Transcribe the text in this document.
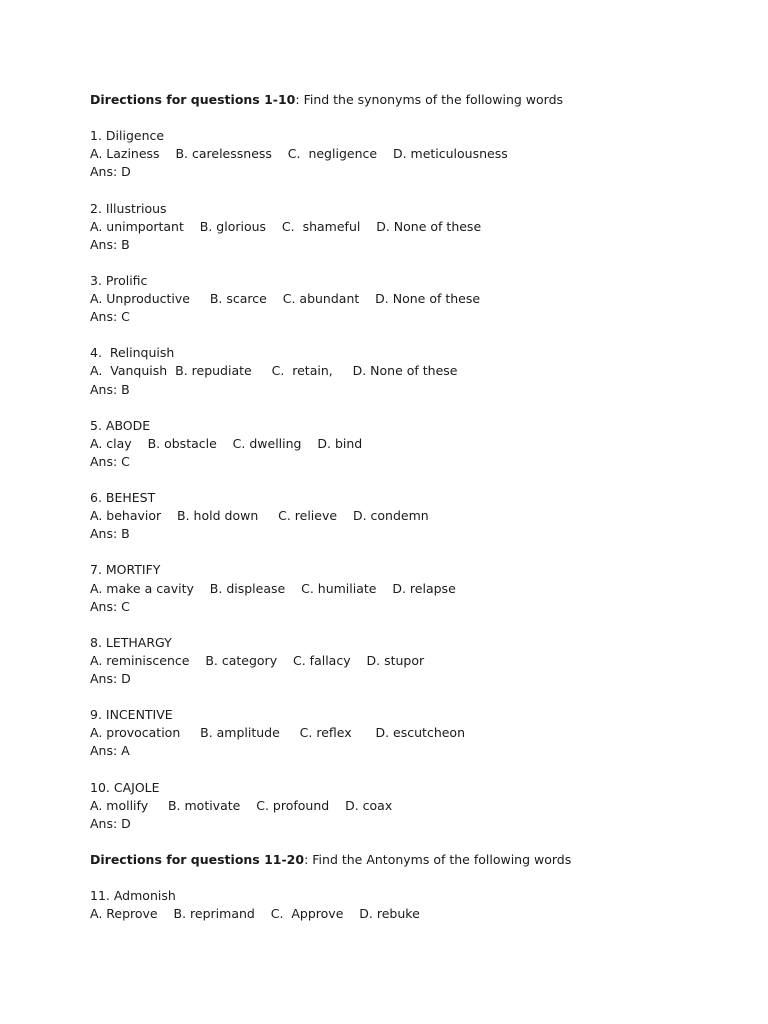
Directions for questions 1-10: Find the synonyms of the following words
1. Diligence
A. Laziness    B. carelessness    C.  negligence    D. meticulousness
Ans: D
2. Illustrious
A. unimportant    B. glorious    C.  shameful    D. None of these
Ans: B
3. Prolific
A. Unproductive     B. scarce    C. abundant    D. None of these
Ans: C
4.  Relinquish
A.  Vanquish  B. repudiate     C.  retain,     D. None of these
Ans: B
5. ABODE
A. clay    B. obstacle    C. dwelling    D. bind
Ans: C
6. BEHEST
A. behavior    B. hold down     C. relieve    D. condemn
Ans: B
7. MORTIFY
A. make a cavity    B. displease    C. humiliate    D. relapse
Ans: C
8. LETHARGY
A. reminiscence    B. category    C. fallacy    D. stupor
Ans: D
9. INCENTIVE
A. provocation     B. amplitude     C. reflex      D. escutcheon
Ans: A
10. CAJOLE
A. mollify     B. motivate    C. profound    D. coax
Ans: D
Directions for questions 11-20: Find the Antonyms of the following words
11. Admonish
A. Reprove    B. reprimand    C.  Approve    D. rebuke
